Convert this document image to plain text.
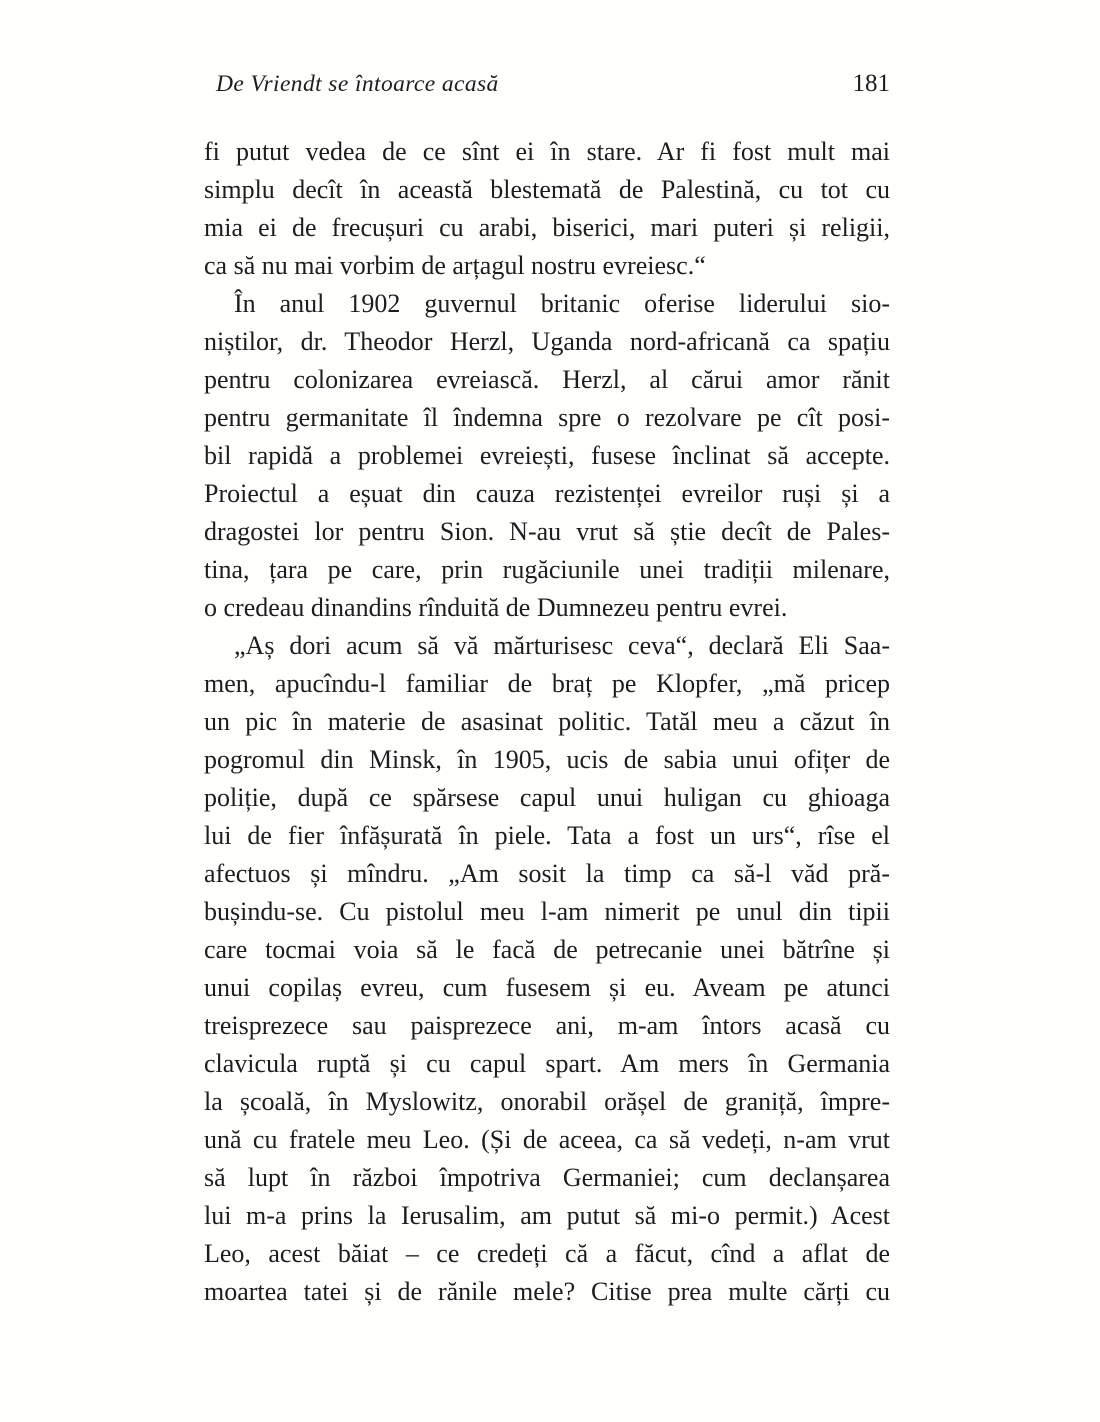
De Vriendt se întoarce acasă	181
fi putut vedea de ce sînt ei în stare. Ar fi fost mult mai
simplu decît în această blestemată de Palestină, cu tot cu
mia ei de frecușuri cu arabi, biserici, mari puteri și religii,
ca să nu mai vorbim de arțagul nostru evreiesc.“
În anul 1902 guvernul britanic oferise liderului sio-
niștilor, dr. Theodor Herzl, Uganda nord-africană ca spațiu
pentru colonizarea evreiască. Herzl, al cărui amor rănit
pentru germanitate îl îndemna spre o rezolvare pe cît posi-
bil rapidă a problemei evreiești, fusese înclinat să accepte.
Proiectul a eșuat din cauza rezistenței evreilor ruși și a
dragostei lor pentru Sion. N-au vrut să știe decît de Pales-
tina, țara pe care, prin rugăciunile unei tradiții milenare,
o credeau dinandins rînduită de Dumnezeu pentru evrei.
„Aș dori acum să vă mărturisesc ceva“, declară Eli Saa-
men, apucîndu-l familiar de braț pe Klopfer, „mă pricep
un pic în materie de asasinat politic. Tatăl meu a căzut în
pogromul din Minsk, în 1905, ucis de sabia unui ofițer de
poliție, după ce spărsese capul unui huligan cu ghioaga
lui de fier înfășurată în piele. Tata a fost un urs“, rîse el
afectuos și mîndru. „Am sosit la timp ca să-l văd pră-
bușindu-se. Cu pistolul meu l-am nimerit pe unul din tipii
care tocmai voia să le facă de petrecanie unei bătrîne și
unui copilaș evreu, cum fusesem și eu. Aveam pe atunci
treisprezece sau paisprezece ani, m-am întors acasă cu
clavicula ruptă și cu capul spart. Am mers în Germania
la școală, în Myslowitz, onorabil orășel de graniță, împre-
ună cu fratele meu Leo. (Și de aceea, ca să vedeți, n-am vrut
să lupt în război împotriva Germaniei; cum declanșarea
lui m-a prins la Ierusalim, am putut să mi-o permit.) Acest
Leo, acest băiat – ce credeți că a făcut, cînd a aflat de
moartea tatei și de rănile mele? Citise prea multe cărți cu
